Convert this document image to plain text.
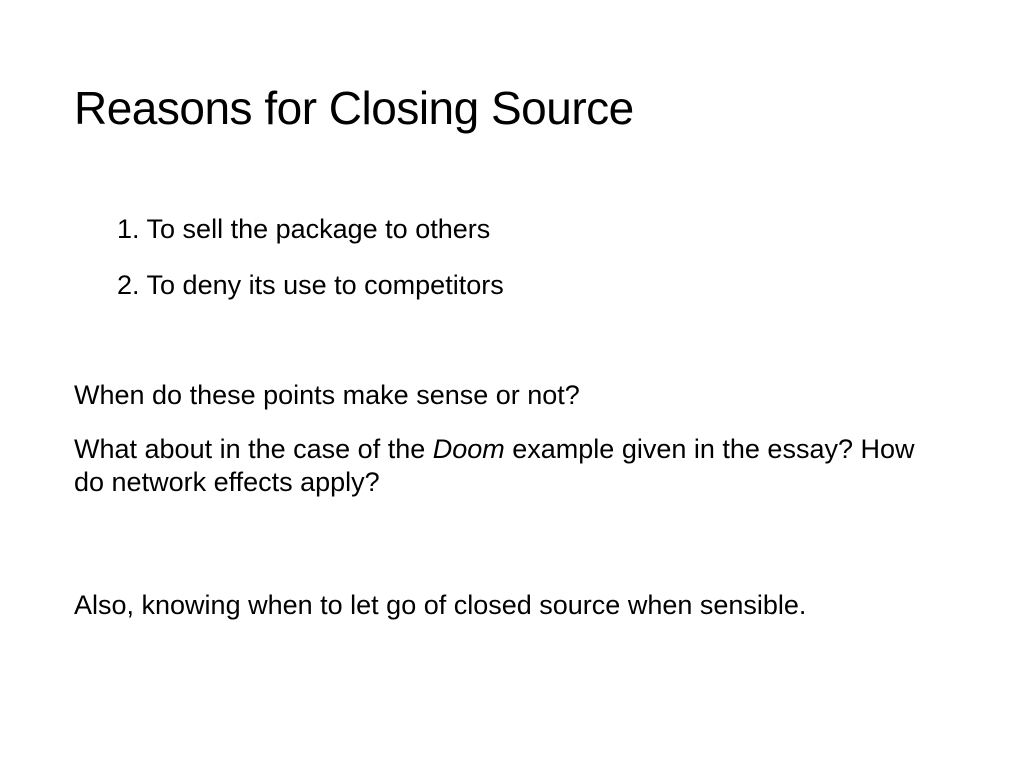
Reasons for Closing Source
1. To sell the package to others
2. To deny its use to competitors
When do these points make sense or not?
What about in the case of the Doom example given in the essay? How do network effects apply?
Also, knowing when to let go of closed source when sensible.
